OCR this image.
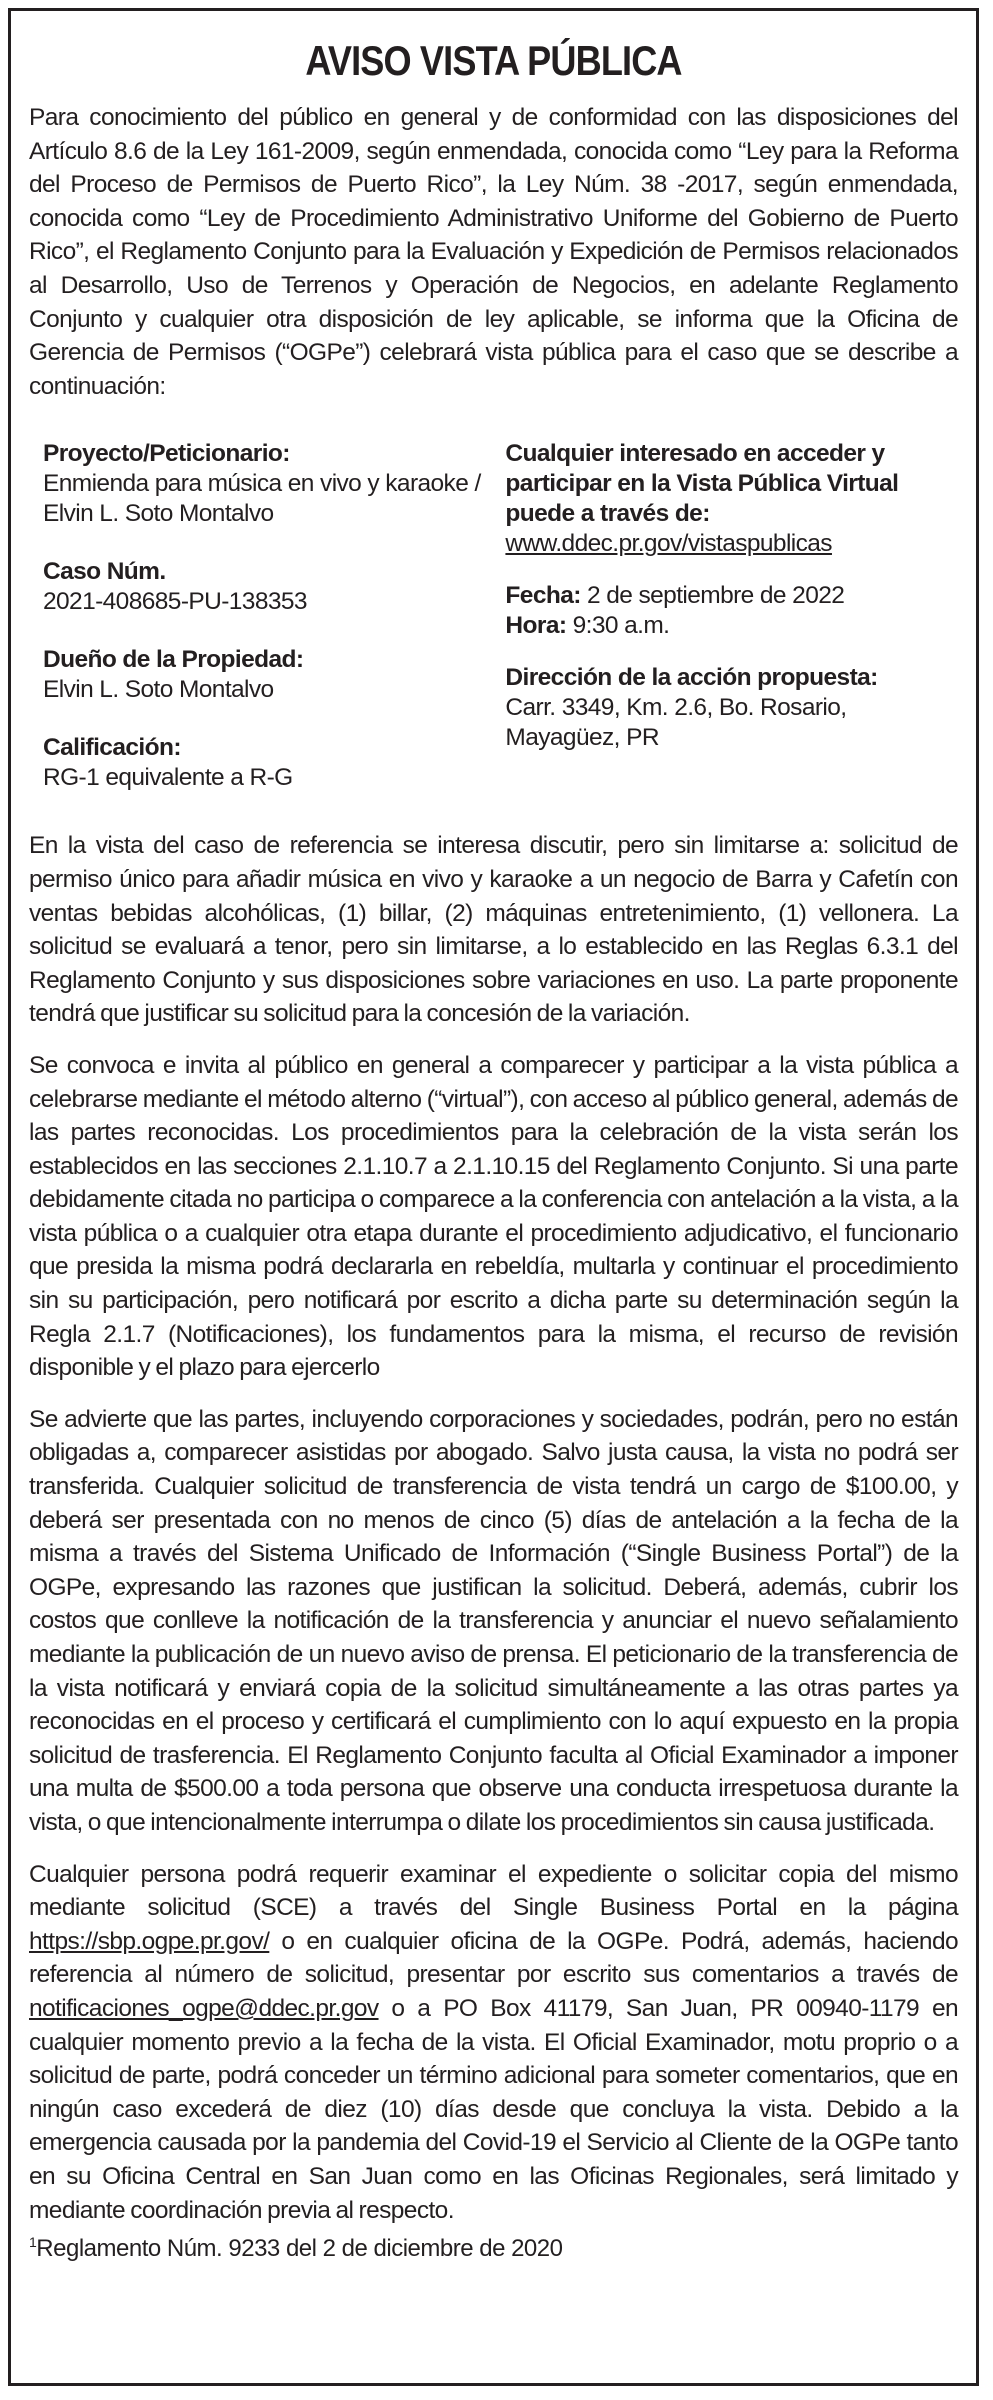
AVISO VISTA PÚBLICA

Para conocimiento del público en general y de conformidad con las disposiciones del Artículo 8.6 de la Ley 161-2009, según enmendada, conocida como “Ley para la Reforma del Proceso de Permisos de Puerto Rico”, la Ley Núm. 38 -2017, según enmendada, conocida como “Ley de Procedimiento Administrativo Uniforme del Gobierno de Puerto Rico”, el Reglamento Conjunto para la Evaluación y Expedición de Permisos relacionados al Desarrollo, Uso de Terrenos y Operación de Negocios, en adelante Reglamento Conjunto y cualquier otra disposición de ley aplicable, se informa que la Oficina de Gerencia de Permisos (“OGPe”) celebrará vista pública para el caso que se describe a continuación:

Proyecto/Peticionario:
Enmienda para música en vivo y karaoke /
Elvin L. Soto Montalvo
Caso Núm.
2021-408685-PU-138353
Dueño de la Propiedad:
Elvin L. Soto Montalvo
Calificación:
RG-1 equivalente a R-G
Cualquier interesado en acceder y
participar en la Vista Pública Virtual
puede a través de:
www.ddec.pr.gov/vistaspublicas
Fecha: 2 de septiembre de 2022
Hora: 9:30 a.m.
Dirección de la acción propuesta:
Carr. 3349, Km. 2.6, Bo. Rosario,
Mayagüez, PR

En la vista del caso de referencia se interesa discutir, pero sin limitarse a: solicitud de permiso único para añadir música en vivo y karaoke a un negocio de Barra y Cafetín con ventas bebidas alcohólicas, (1) billar, (2) máquinas entretenimiento, (1) vellonera. La solicitud se evaluará a tenor, pero sin limitarse, a lo establecido en las Reglas 6.3.1 del Reglamento Conjunto y sus disposiciones sobre variaciones en uso. La parte proponente tendrá que justificar su solicitud para la concesión de la variación.

Se convoca e invita al público en general a comparecer y participar a la vista pública a celebrarse mediante el método alterno (“virtual”), con acceso al público general, además de las partes reconocidas. Los procedimientos para la celebración de la vista serán los establecidos en las secciones 2.1.10.7 a 2.1.10.15 del Reglamento Conjunto. Si una parte debidamente citada no participa o comparece a la conferencia con antelación a la vista, a la vista pública o a cualquier otra etapa durante el procedimiento adjudicativo, el funcionario que presida la misma podrá declararla en rebeldía, multarla y continuar el procedimiento sin su participación, pero notificará por escrito a dicha parte su determinación según la Regla 2.1.7 (Notificaciones), los fundamentos para la misma, el recurso de revisión disponible y el plazo para ejercerlo

Se advierte que las partes, incluyendo corporaciones y sociedades, podrán, pero no están obligadas a, comparecer asistidas por abogado. Salvo justa causa, la vista no podrá ser transferida. Cualquier solicitud de transferencia de vista tendrá un cargo de $100.00, y deberá ser presentada con no menos de cinco (5) días de antelación a la fecha de la misma a través del Sistema Unificado de Información (“Single Business Portal”) de la OGPe, expresando las razones que justifican la solicitud. Deberá, además, cubrir los costos que conlleve la notificación de la transferencia y anunciar el nuevo señalamiento mediante la publicación de un nuevo aviso de prensa. El peticionario de la transferencia de la vista notificará y enviará copia de la solicitud simultáneamente a las otras partes ya reconocidas en el proceso y certificará el cumplimiento con lo aquí expuesto en la propia solicitud de trasferencia. El Reglamento Conjunto faculta al Oficial Examinador a imponer una multa de $500.00 a toda persona que observe una conducta irrespetuosa durante la vista, o que intencionalmente interrumpa o dilate los procedimientos sin causa justificada.

Cualquier persona podrá requerir examinar el expediente o solicitar copia del mismo mediante solicitud (SCE) a través del Single Business Portal en la página https://sbp.ogpe.pr.gov/ o en cualquier oficina de la OGPe. Podrá, además, haciendo referencia al número de solicitud, presentar por escrito sus comentarios a través de notificaciones_ogpe@ddec.pr.gov o a PO Box 41179, San Juan, PR 00940-1179 en cualquier momento previo a la fecha de la vista. El Oficial Examinador, motu proprio o a solicitud de parte, podrá conceder un término adicional para someter comentarios, que en ningún caso excederá de diez (10) días desde que concluya la vista. Debido a la emergencia causada por la pandemia del Covid-19 el Servicio al Cliente de la OGPe tanto en su Oficina Central en San Juan como en las Oficinas Regionales, será limitado y mediante coordinación previa al respecto.

$^1$Reglamento Núm. 9233 del 2 de diciembre de 2020
